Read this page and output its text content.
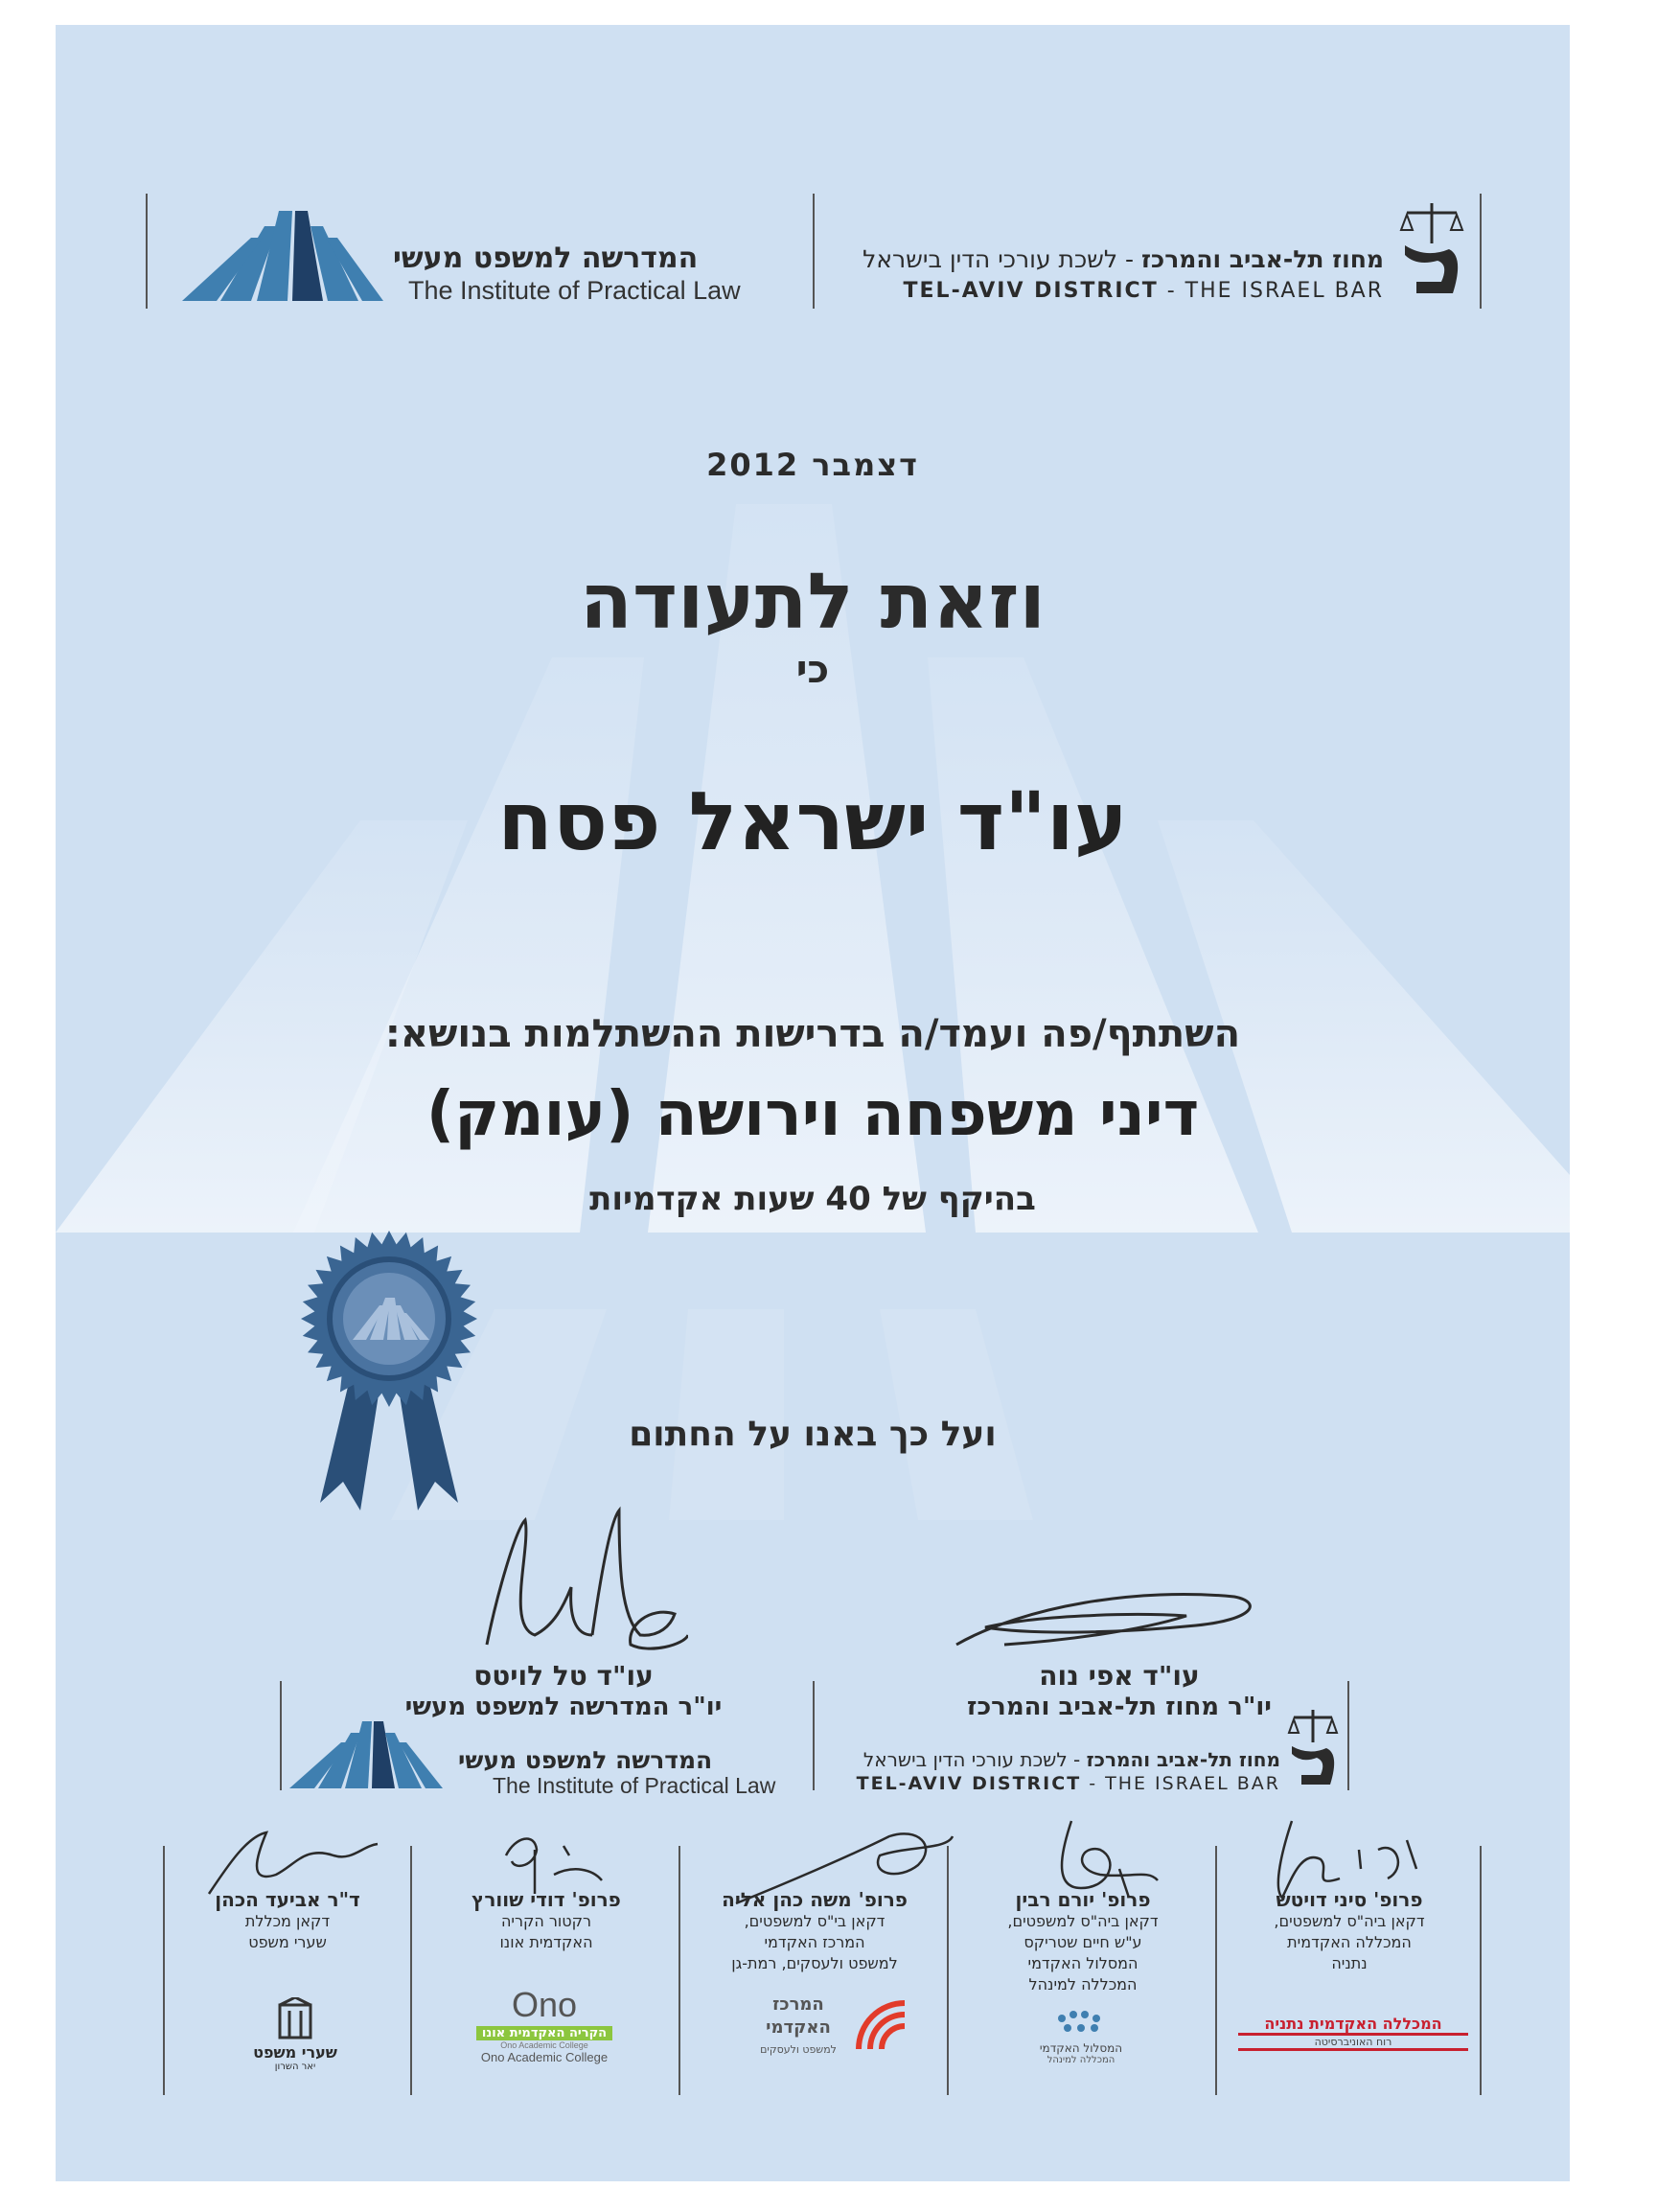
המדרשה למשפט מעשי
The Institute of Practical Law
מחוז תל-אביב והמרכז - לשכת עורכי הדין בישראל
TEL-AVIV DISTRICT - THE ISRAEL BAR
דצמבר 2012
וזאת לתעודה
כי
עו"ד ישראל פסח
השתתף/פה ועמד/ה בדרישות ההשתלמות בנושא:
דיני משפחה וירושה (עומק)
בהיקף של 40 שעות אקדמיות
ועל כך באנו על החתום
עו"ד טל לויטס
יו"ר המדרשה למשפט מעשי
עו"ד אפי נוה
יו"ר מחוז תל-אביב והמרכז
המדרשה למשפט מעשי
The Institute of Practical Law
מחוז תל-אביב והמרכז - לשכת עורכי הדין בישראל
TEL-AVIV DISTRICT - THE ISRAEL BAR
ד"ר אביעד הכהן
דקאן מכללת
שערי משפט
פרופ' דודי שוורץ
רקטור הקריה
האקדמית אונו
פרופ' משה כהן אליה
דקאן בי"ס למשפטים,
המרכז האקדמי
למשפט ולעסקים, רמת-גן
פרופ' יורם רבין
דקאן ביה"ס למשפטים,
ע"ש חיים שטריקס
המסלול האקדמי
המכללה למינהל
פרופ' סיני דויטש
דקאן ביה"ס למשפטים,
המכללה האקדמית
נתניה
שערי משפט
יאר השרון
Ono
הקריה האקדמית אונו
Ono Academic College
Ono Academic College
המרכז האקדמי
למשפט ולעסקים	המסלול האקדמי
המכללה למינהל
המכללה האקדמית נתניה
רוח האוניברסיטה
